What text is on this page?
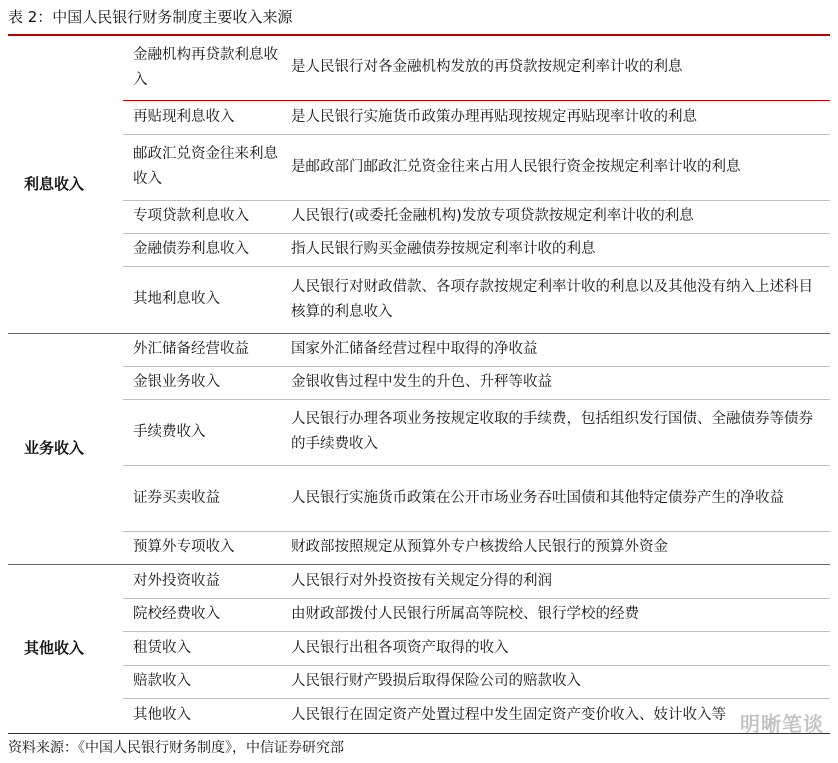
表 2：中国人民银行财务制度主要收入来源
利息收入	金融机构再贷款利息收入	是人民银行对各金融机构发放的再贷款按规定利率计收的利息
	再贴现利息收入	是人民银行实施货币政策办理再贴现按规定再贴现率计收的利息
	邮政汇兑资金往来利息收入	是邮政部门邮政汇兑资金往来占用人民银行资金按规定利率计收的利息
	专项贷款利息收入	人民银行(或委托金融机构)发放专项贷款按规定利率计收的利息
	金融债券利息收入	指人民银行购买金融债券按规定利率计收的利息
	其地利息收入	人民银行对财政借款、各项存款按规定利率计收的利息以及其他没有纳入上述科目核算的利息收入
业务收入	外汇储备经营收益	国家外汇储备经营过程中取得的净收益
	金银业务收入	金银收售过程中发生的升色、升秤等收益
	手续费收入	人民银行办理各项业务按规定收取的手续费，包括组织发行国债、全融债券等债券的手续费收入
	证券买卖收益	人民银行实施货币政策在公开市场业务吞吐国债和其他特定债券产生的净收益
	预算外专项收入	财政部按照规定从预算外专户核拨给人民银行的预算外资金
其他收入	对外投资收益	人民银行对外投资按有关规定分得的利润
	院校经费收入	由财政部拨付人民银行所属高等院校、银行学校的经费
	租赁收入	人民银行出租各项资产取得的收入
	赔款收入	人民银行财产毁损后取得保险公司的赔款收入
	其他收入	人民银行在固定资产处置过程中发生固定资产变价收入、妓计收入等
资料来源：《中国人民银行财务制度》，中信证券研究部
明晰笔谈
